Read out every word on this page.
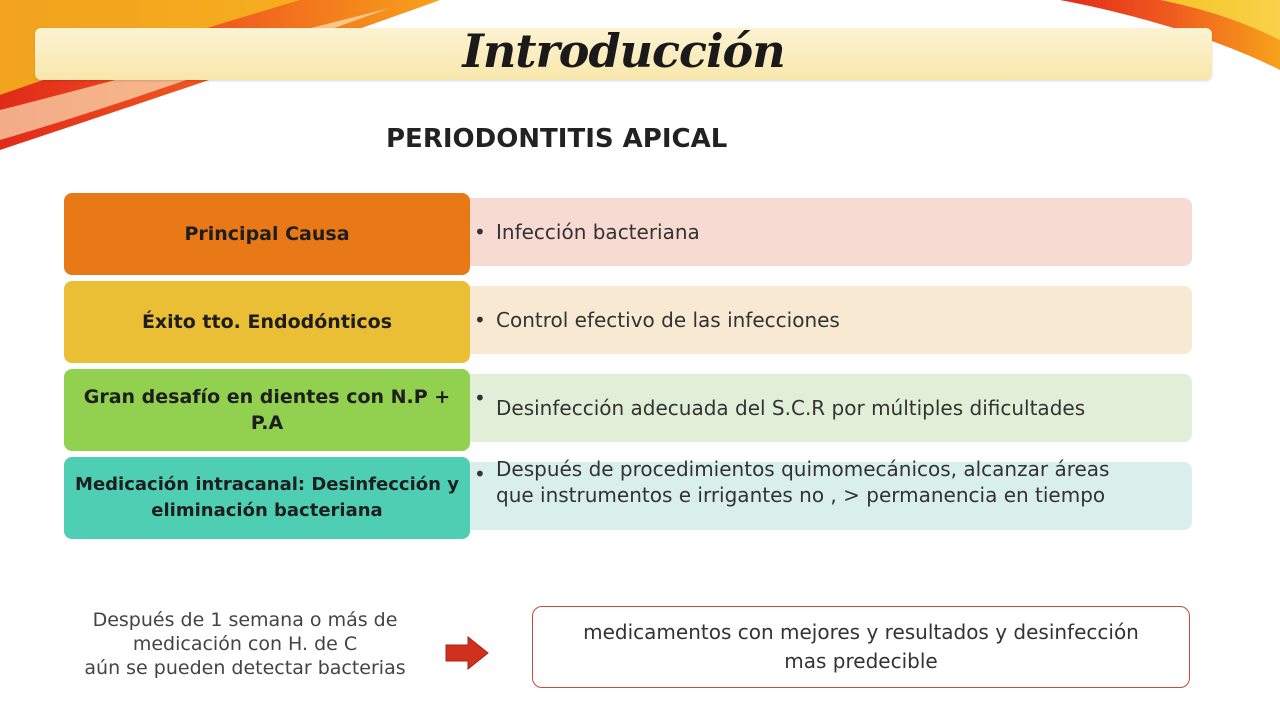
Introducción
PERIODONTITIS APICAL
• Infección bacteriana
Principal Causa
• Control efectivo de las infecciones
Éxito tto. Endodónticos
• Desinfección adecuada del S.C.R por múltiples dificultades
Gran desafío en dientes con N.P + P.A
• Después de procedimientos quimomecánicos, alcanzar áreas que instrumentos e irrigantes no , > permanencia en tiempo
Medicación intracanal: Desinfección y eliminación bacteriana
Después de 1 semana o más de
medicación con H. de C
aún se pueden detectar bacterias
medicamentos con mejores y resultados y desinfección mas predecible
